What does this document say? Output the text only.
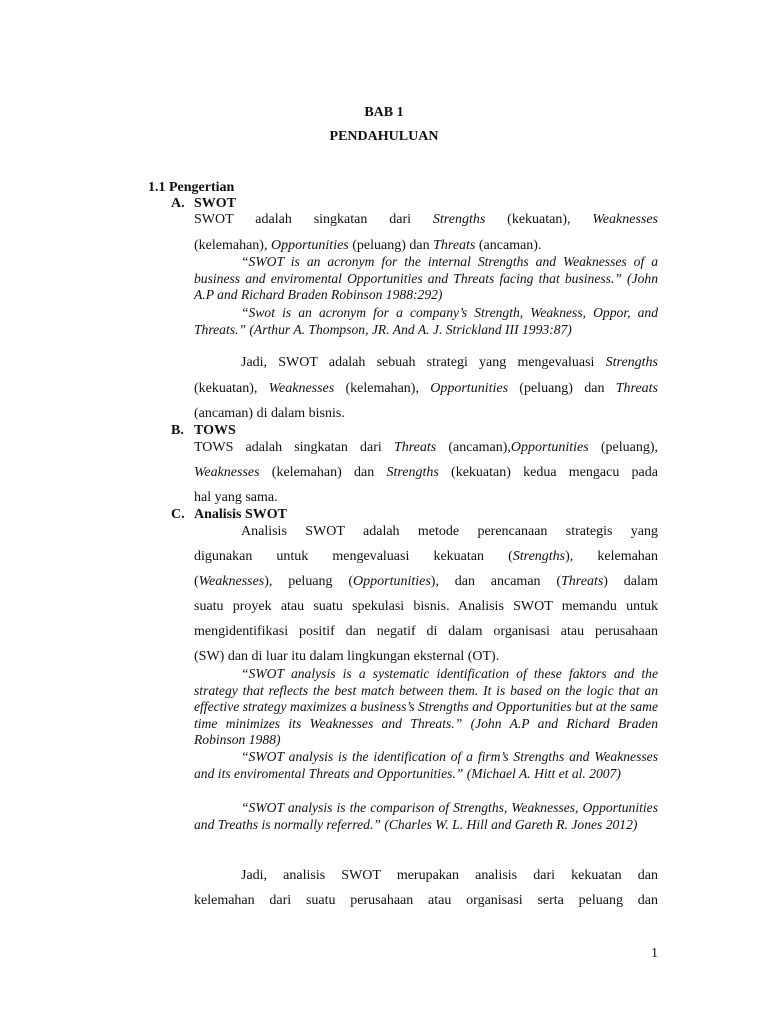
BAB 1
PENDAHULUAN
1.1 Pengertian
A. SWOT
SWOT adalah singkatan dari Strengths (kekuatan), Weaknesses
(kelemahan), Opportunities (peluang) dan Threats (ancaman).
“SWOT is an acronym for the internal Strengths and Weaknesses of a business and enviromental Opportunities and Threats facing that business.” (John A.P and Richard Braden Robinson 1988:292)
“Swot is an acronym for a company’s Strength, Weakness, Oppor, and Threats.” (Arthur A. Thompson, JR. And A. J. Strickland III 1993:87)
Jadi, SWOT adalah sebuah strategi yang mengevaluasi Strengths
(kekuatan), Weaknesses (kelemahan), Opportunities (peluang) dan Threats
(ancaman) di dalam bisnis.
B. TOWS
TOWS adalah singkatan dari Threats (ancaman),Opportunities (peluang),
Weaknesses (kelemahan) dan Strengths (kekuatan) kedua mengacu pada
hal yang sama.
C. Analisis SWOT
Analisis SWOT adalah metode perencanaan strategis yang
digunakan untuk mengevaluasi kekuatan (Strengths), kelemahan
(Weaknesses), peluang (Opportunities), dan ancaman (Threats) dalam
suatu proyek atau suatu spekulasi bisnis. Analisis SWOT memandu untuk
mengidentifikasi positif dan negatif di dalam organisasi atau perusahaan
(SW) dan di luar itu dalam lingkungan eksternal (OT).
“SWOT analysis is a systematic identification of these faktors and the strategy that reflects the best match between them. It is based on the logic that an effective strategy maximizes a business’s Strengths and Opportunities but at the same time minimizes its Weaknesses and Threats.” (John A.P and Richard Braden Robinson 1988)
“SWOT analysis is the identification of a firm’s Strengths and Weaknesses and its enviromental Threats and Opportunities.” (Michael A. Hitt et al. 2007)
“SWOT analysis is the comparison of Strengths, Weaknesses, Opportunities and Treaths is normally referred.” (Charles W. L. Hill and Gareth R. Jones 2012)
Jadi, analisis SWOT merupakan analisis dari kekuatan dan
kelemahan dari suatu perusahaan atau organisasi serta peluang dan
1
